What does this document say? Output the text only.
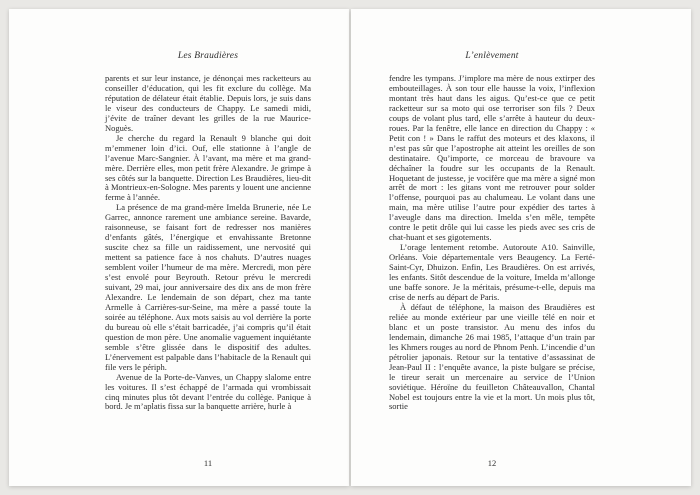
Les Braudières

parents et sur leur instance, je dénonçai mes racketteurs au conseiller d’éducation, qui les fit exclure du collège. Ma réputation de délateur était établie. Depuis lors, je suis dans le viseur des conducteurs de Chappy. Le samedi midi, j’évite de traîner devant les grilles de la rue Maurice-Noguès.

Je cherche du regard la Renault 9 blanche qui doit m’emmener loin d’ici. Ouf, elle stationne à l’angle de l’avenue Marc-Sangnier. À l’avant, ma mère et ma grand-mère. Derrière elles, mon petit frère Alexandre. Je grimpe à ses côtés sur la banquette. Direction Les Braudières, lieu-dit à Montrieux-en-Sologne. Mes parents y louent une ancienne ferme à l’année.

La présence de ma grand-mère Imelda Brunerie, née Le Garrec, annonce rarement une ambiance sereine. Bavarde, raisonneuse, se faisant fort de redresser nos manières d’enfants gâtés, l’énergique et envahissante Bretonne suscite chez sa fille un raidissement, une nervosité qui mettent sa patience face à nos chahuts. D’autres nuages semblent voiler l’humeur de ma mère. Mercredi, mon père s’est envolé pour Beyrouth. Retour prévu le mercredi suivant, 29 mai, jour anniversaire des dix ans de mon frère Alexandre. Le lendemain de son départ, chez ma tante Armelle à Carrières-sur-Seine, ma mère a passé toute la soirée au téléphone. Aux mots saisis au vol derrière la porte du bureau où elle s’était barricadée, j’ai compris qu’il était question de mon père. Une anomalie vaguement inquiétante semble s’être glissée dans le dispositif des adultes. L’énervement est palpable dans l’habitacle de la Renault qui file vers le périph.

Avenue de la Porte-de-Vanves, un Chappy slalome entre les voitures. Il s’est échappé de l’armada qui vrombissait cinq minutes plus tôt devant l’entrée du collège. Panique à bord. Je m’aplatis fissa sur la banquette arrière, hurle à

11
L’enlèvement

fendre les tympans. J’implore ma mère de nous extirper des embouteillages. À son tour elle hausse la voix, l’inflexion montant très haut dans les aigus. Qu’est-ce que ce petit racketteur sur sa moto qui ose terroriser son fils ? Deux coups de volant plus tard, elle s’arrête à hauteur du deux-roues. Par la fenêtre, elle lance en direction du Chappy : « Petit con ! » Dans le raffut des moteurs et des klaxons, il n’est pas sûr que l’apostrophe ait atteint les oreilles de son destinataire. Qu’importe, ce morceau de bravoure va déchaîner la foudre sur les occupants de la Renault. Hoquetant de justesse, je vocifère que ma mère a signé mon arrêt de mort : les gitans vont me retrouver pour solder l’offense, pourquoi pas au chalumeau. Le volant dans une main, ma mère utilise l’autre pour expédier des tartes à l’aveugle dans ma direction. Imelda s’en mêle, tempête contre le petit drôle qui lui casse les pieds avec ses cris de chat-huant et ses gigotements.

L’orage lentement retombe. Autoroute A10. Sainville, Orléans. Voie départementale vers Beaugency. La Ferté-Saint-Cyr, Dhuizon. Enfin, Les Braudières. On est arrivés, les enfants. Sitôt descendue de la voiture, Imelda m’allonge une baffe sonore. Je la méritais, présume-t-elle, depuis ma crise de nerfs au départ de Paris.

À défaut de téléphone, la maison des Braudières est reliée au monde extérieur par une vieille télé en noir et blanc et un poste transistor. Au menu des infos du lendemain, dimanche 26 mai 1985, l’attaque d’un train par les Khmers rouges au nord de Phnom Penh. L’incendie d’un pétrolier japonais. Retour sur la tentative d’assassinat de Jean-Paul II : l’enquête avance, la piste bulgare se précise, le tireur serait un mercenaire au service de l’Union soviétique. Héroïne du feuilleton Châteauvallon, Chantal Nobel est toujours entre la vie et la mort. Un mois plus tôt, sortie

12
